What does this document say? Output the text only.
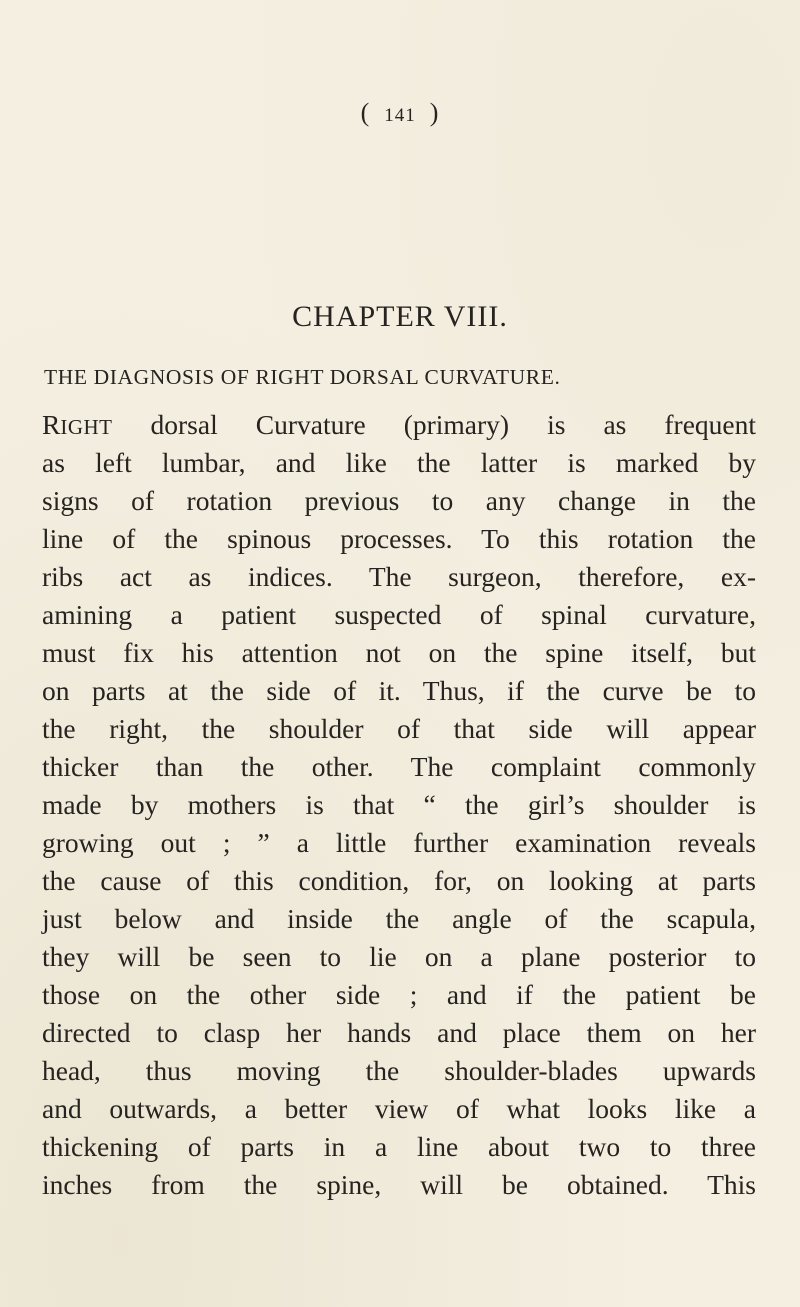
( 141 )
CHAPTER VIII.
THE DIAGNOSIS OF RIGHT DORSAL CURVATURE.
RIGHT dorsal Curvature (primary) is as frequent
as left lumbar, and like the latter is marked by
signs of rotation previous to any change in the
line of the spinous processes. To this rotation the
ribs act as indices. The surgeon, therefore, ex-
amining a patient suspected of spinal curvature,
must fix his attention not on the spine itself, but
on parts at the side of it. Thus, if the curve be to
the right, the shoulder of that side will appear
thicker than the other. The complaint commonly
made by mothers is that “ the girl’s shoulder is
growing out ; ” a little further examination reveals
the cause of this condition, for, on looking at parts
just below and inside the angle of the scapula,
they will be seen to lie on a plane posterior to
those on the other side ; and if the patient be
directed to clasp her hands and place them on her
head, thus moving the shoulder-blades upwards
and outwards, a better view of what looks like a
thickening of parts in a line about two to three
inches from the spine, will be obtained. This
